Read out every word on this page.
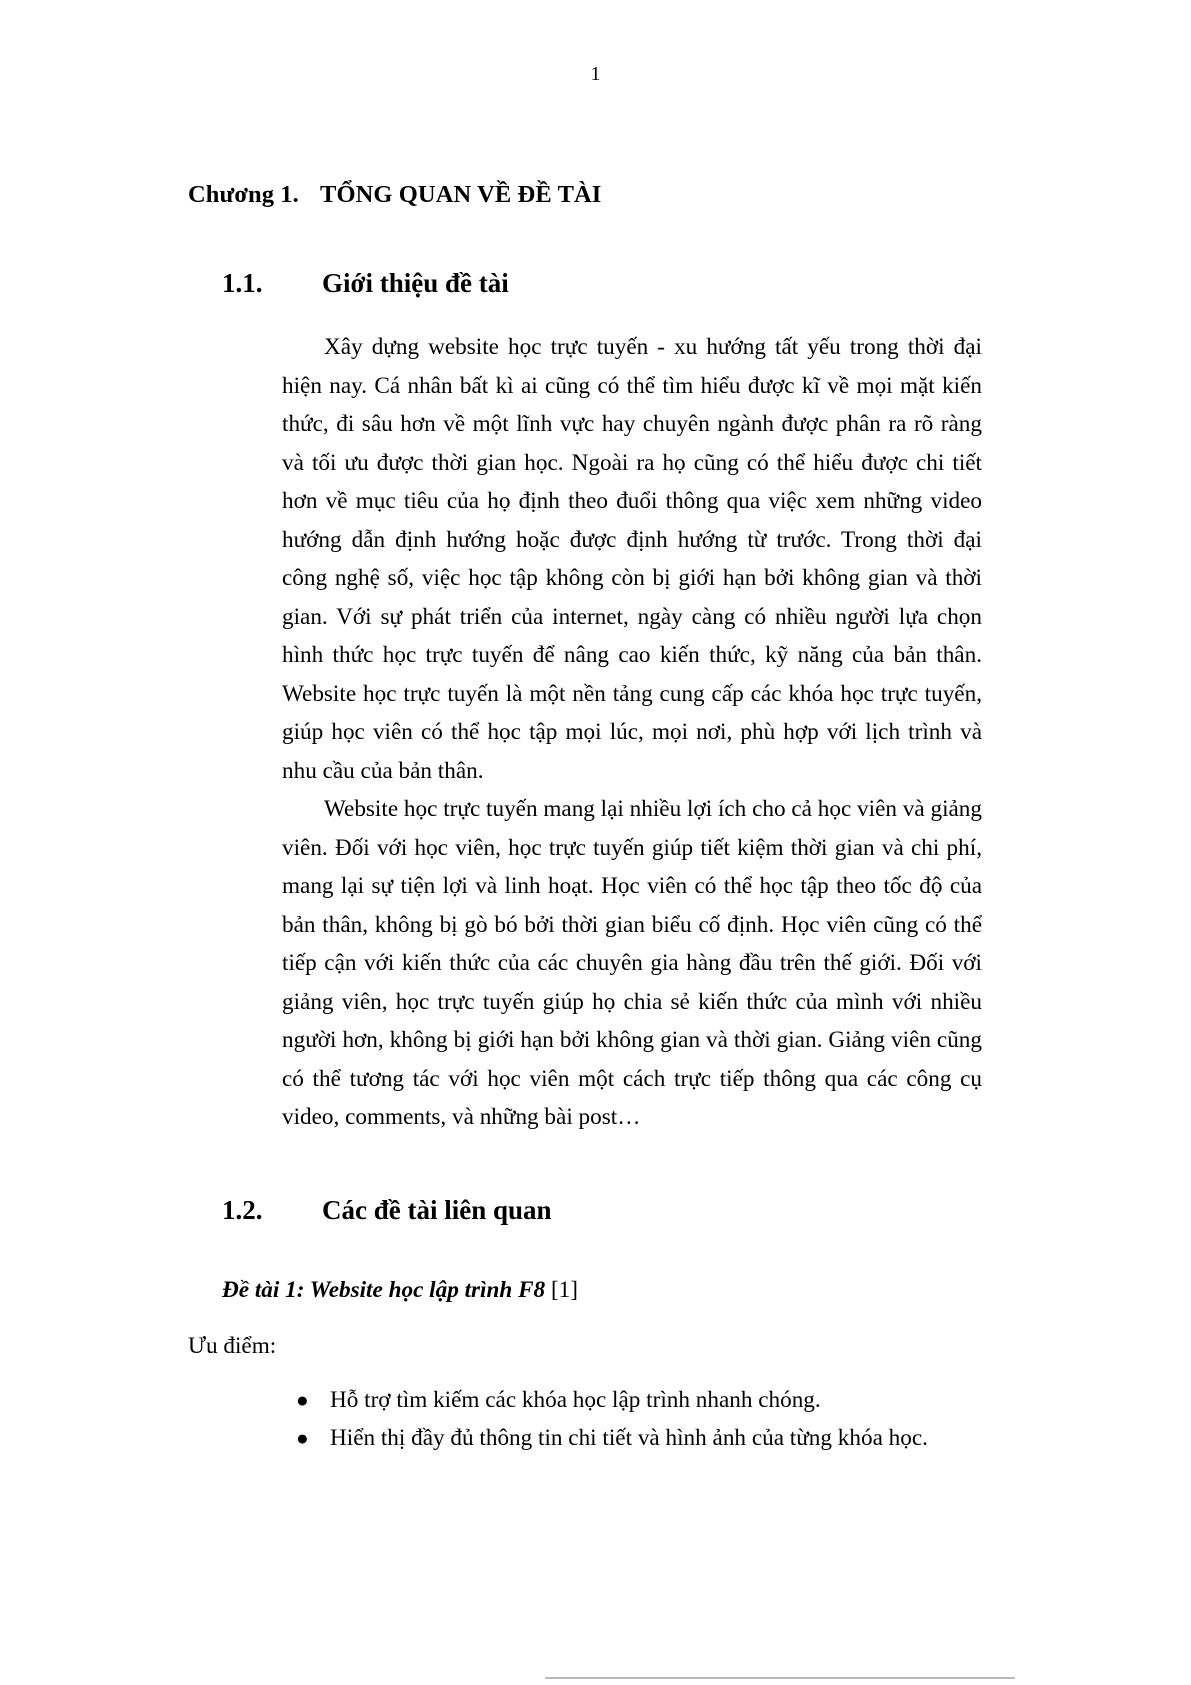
1
Chương 1. TỔNG QUAN VỀ ĐỀ TÀI
1.1. Giới thiệu đề tài

Xây dựng website học trực tuyến - xu hướng tất yếu trong thời đại hiện nay. Cá nhân bất kì ai cũng có thể tìm hiểu được kĩ về mọi mặt kiến thức, đi sâu hơn về một lĩnh vực hay chuyên ngành được phân ra rõ ràng và tối ưu được thời gian học. Ngoài ra họ cũng có thể hiểu được chi tiết hơn về mục tiêu của họ định theo đuổi thông qua việc xem những video hướng dẫn định hướng hoặc được định hướng từ trước. Trong thời đại công nghệ số, việc học tập không còn bị giới hạn bởi không gian và thời gian. Với sự phát triển của internet, ngày càng có nhiều người lựa chọn hình thức học trực tuyến để nâng cao kiến thức, kỹ năng của bản thân. Website học trực tuyến là một nền tảng cung cấp các khóa học trực tuyến, giúp học viên có thể học tập mọi lúc, mọi nơi, phù hợp với lịch trình và nhu cầu của bản thân.

Website học trực tuyến mang lại nhiều lợi ích cho cả học viên và giảng viên. Đối với học viên, học trực tuyến giúp tiết kiệm thời gian và chi phí, mang lại sự tiện lợi và linh hoạt. Học viên có thể học tập theo tốc độ của bản thân, không bị gò bó bởi thời gian biểu cố định. Học viên cũng có thể tiếp cận với kiến thức của các chuyên gia hàng đầu trên thế giới. Đối với giảng viên, học trực tuyến giúp họ chia sẻ kiến thức của mình với nhiều người hơn, không bị giới hạn bởi không gian và thời gian. Giảng viên cũng có thể tương tác với học viên một cách trực tiếp thông qua các công cụ video, comments, và những bài post…

1.2. Các đề tài liên quan
Đề tài 1: Website học lập trình F8 [1]
Ưu điểm:
● Hỗ trợ tìm kiếm các khóa học lập trình nhanh chóng.
● Hiển thị đầy đủ thông tin chi tiết và hình ảnh của từng khóa học.
